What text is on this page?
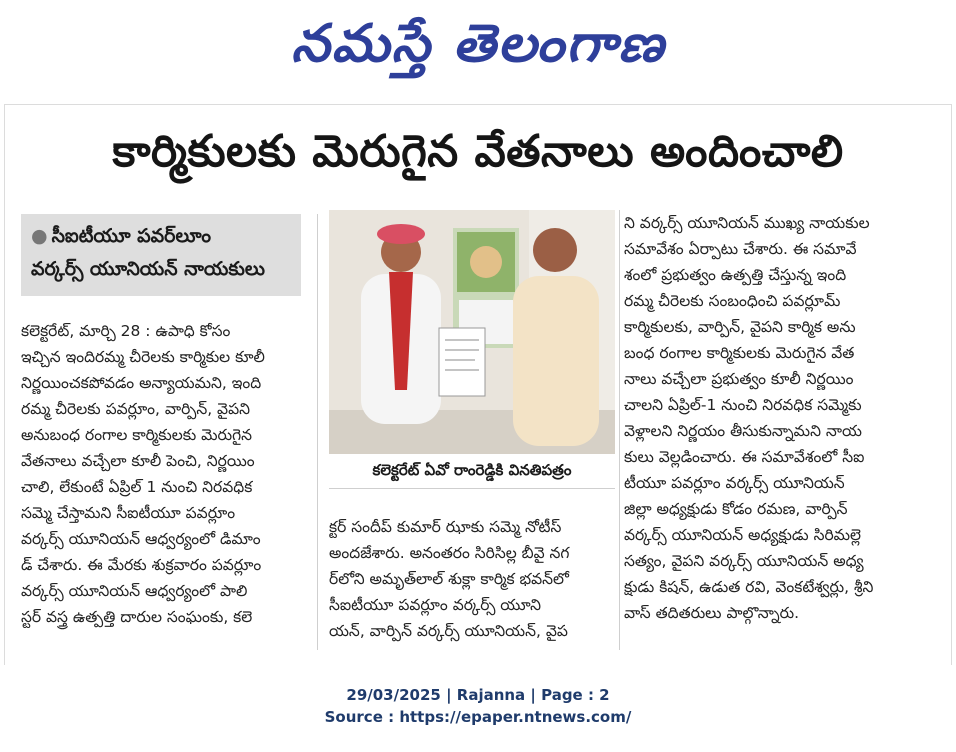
నమస్తే తెలంగాణ
కార్మికులకు మెరుగైన వేతనాలు అందించాలి
● సీఐటీయూ పవర్‌లూం
వర్కర్స్ యూనియన్ నాయకులు

కలెక్టరేట్, మార్చి 28 : ఉపాధి కోసం

ఇచ్చిన ఇందిరమ్మ చీరెలకు కార్మికుల కూలీ

నిర్ణయించకపోవడం అన్యాయమని, ఇంది

రమ్మ చీరెలకు పవర్లూం, వార్పిన్, వైపని

అనుబంధ రంగాల కార్మికులకు మెరుగైన

వేతనాలు వచ్చేలా కూలీ పెంచి, నిర్ణయిం

చాలి, లేకుంటే ఏప్రిల్ 1 నుంచి నిరవధిక

సమ్మె చేస్తామని సీఐటీయూ పవర్లూం

వర్కర్స్ యూనియన్ ఆధ్వర్యంలో డిమాం

డ్ చేశారు. ఈ మేరకు శుక్రవారం పవర్లూం

వర్కర్స్ యూనియన్ ఆధ్వర్యంలో పాలి

స్టర్ వస్త్ర ఉత్పత్తి దారుల సంఘంకు, కలె

కలెక్టరేట్ ఏవో రాంరెడ్డికి వినతిపత్రం

క్టర్ సందీప్ కుమార్ ఝాకు సమ్మె నోటీస్

అందజేశారు. అనంతరం సిరిసిల్ల బీవై నగ

ర్‌లోని అమృత్‌లాల్ శుక్లా కార్మిక భవన్‌లో

సీఐటీయూ పవర్లూం వర్కర్స్ యూని

యన్, వార్పిన్ వర్కర్స్ యూనియన్, వైప

ని వర్కర్స్ యూనియన్ ముఖ్య నాయకుల

సమావేశం ఏర్పాటు చేశారు. ఈ సమావే

శంలో ప్రభుత్వం ఉత్పత్తి చేస్తున్న ఇంది

రమ్మ చీరెలకు సంబంధించి పవర్లూమ్

కార్మికులకు, వార్పిన్, వైపని కార్మిక అను

బంధ రంగాల కార్మికులకు మెరుగైన వేత

నాలు వచ్చేలా ప్రభుత్వం కూలీ నిర్ణయిం

చాలని ఏప్రిల్-1 నుంచి నిరవధిక సమ్మెకు

వెళ్లాలని నిర్ణయం తీసుకున్నామని నాయ

కులు వెల్లడించారు. ఈ సమావేశంలో సీఐ

టీయూ పవర్లూం వర్కర్స్ యూనియన్

జిల్లా అధ్యక్షుడు కోడం రమణ, వార్పిన్

వర్కర్స్ యూనియన్ అధ్యక్షుడు సిరిమల్లె

సత్యం, వైపని వర్కర్స్ యూనియన్ అధ్య

క్షుడు కిషన్, ఉడుత రవి, వెంకటేశ్వర్లు, శ్రీని

వాస్ తదితరులు పాల్గొన్నారు.

29/03/2025 | Rajanna | Page : 2
Source : https://epaper.ntnews.com/
